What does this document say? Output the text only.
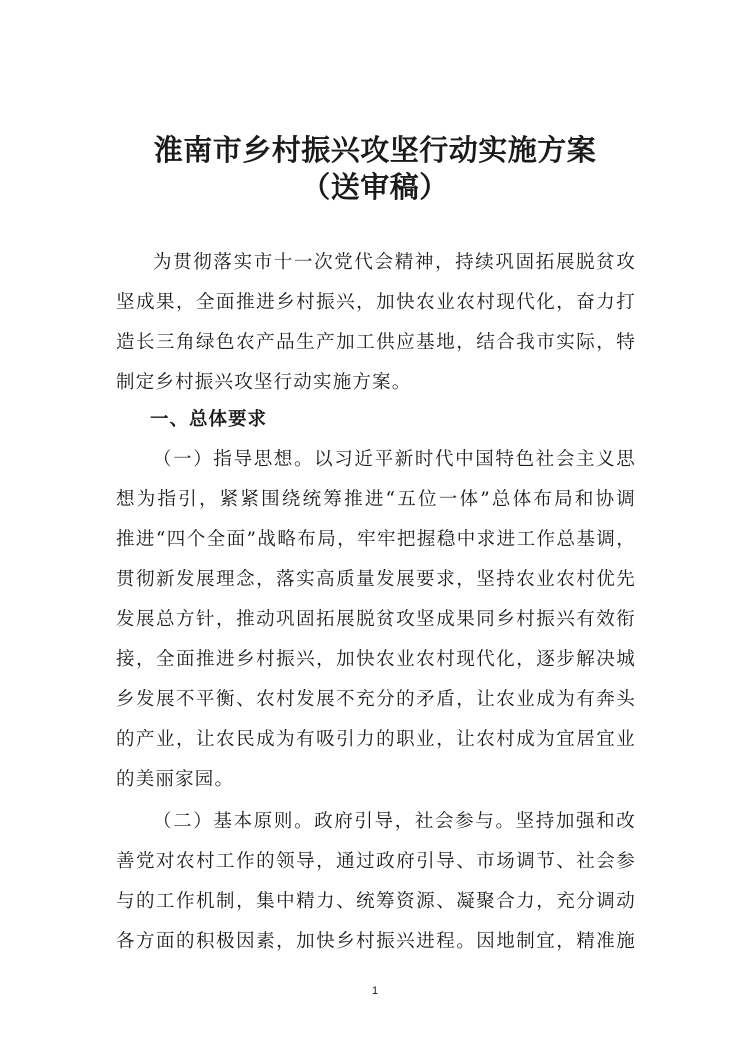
淮南市乡村振兴攻坚行动实施方案
（送审稿）
为贯彻落实市十一次党代会精神，持续巩固拓展脱贫攻
坚成果，全面推进乡村振兴，加快农业农村现代化，奋力打
造长三角绿色农产品生产加工供应基地，结合我市实际，特
制定乡村振兴攻坚行动实施方案。
一、总体要求
（一）指导思想。以习近平新时代中国特色社会主义思
想为指引，紧紧围绕统筹推进“五位一体”总体布局和协调
推进“四个全面”战略布局，牢牢把握稳中求进工作总基调，
贯彻新发展理念，落实高质量发展要求，坚持农业农村优先
发展总方针，推动巩固拓展脱贫攻坚成果同乡村振兴有效衔
接，全面推进乡村振兴，加快农业农村现代化，逐步解决城
乡发展不平衡、农村发展不充分的矛盾，让农业成为有奔头
的产业，让农民成为有吸引力的职业，让农村成为宜居宜业
的美丽家园。
（二）基本原则。政府引导，社会参与。坚持加强和改
善党对农村工作的领导，通过政府引导、市场调节、社会参
与的工作机制，集中精力、统筹资源、凝聚合力，充分调动
各方面的积极因素，加快乡村振兴进程。因地制宜，精准施
1
